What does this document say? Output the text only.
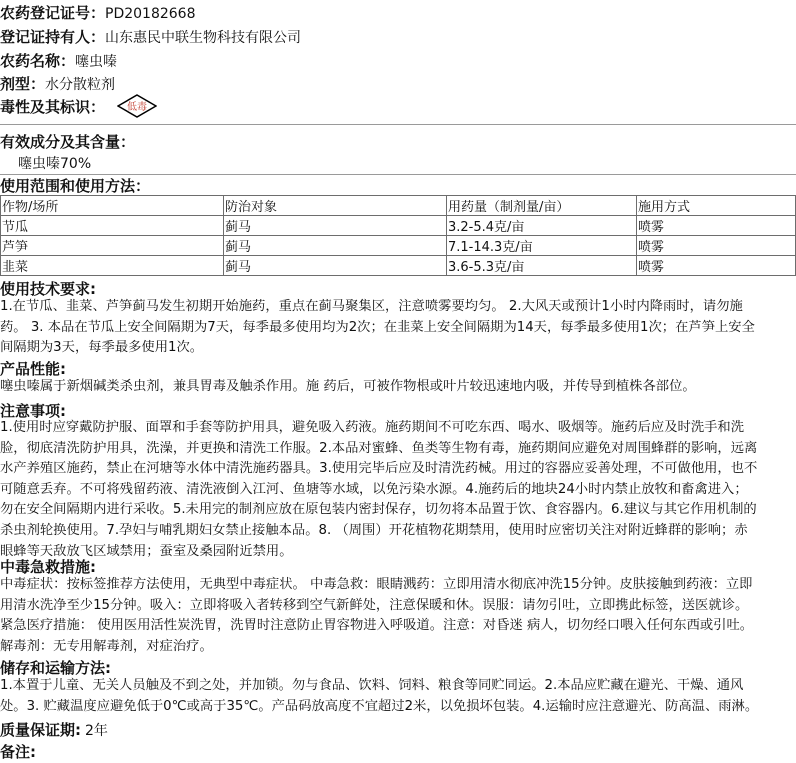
农药登记证号：PD20182668
登记证持有人：山东惠民中联生物科技有限公司
农药名称：噻虫嗪
剂型：水分散粒剂
毒性及其标识： 低毒
有效成分及其含量：
噻虫嗪70%
使用范围和使用方法：
作物/场所	防治对象	用药量（制剂量/亩）	施用方式
节瓜	蓟马	3.2-5.4克/亩	喷雾
芦笋	蓟马	7.1-14.3克/亩	喷雾
韭菜	蓟马	3.6-5.3克/亩	喷雾
使用技术要求:
1.在节瓜、韭菜、芦笋蓟马发生初期开始施药，重点在蓟马聚集区，注意喷雾要均匀。 2.大风天或预计1小时内降雨时，请勿施
药。 3. 本品在节瓜上安全间隔期为7天，每季最多使用均为2次；在韭菜上安全间隔期为14天，每季最多使用1次；在芦笋上安全
间隔期为3天，每季最多使用1次。
产品性能:
噻虫嗪属于新烟碱类杀虫剂，兼具胃毒及触杀作用。施 药后，可被作物根或叶片较迅速地内吸，并传导到植株各部位。
注意事项:
1.使用时应穿戴防护服、面罩和手套等防护用具，避免吸入药液。施药期间不可吃东西、喝水、吸烟等。施药后应及时洗手和洗
脸，彻底清洗防护用具，洗澡，并更换和清洗工作服。2.本品对蜜蜂、鱼类等生物有毒，施药期间应避免对周围蜂群的影响，远离
水产养殖区施药，禁止在河塘等水体中清洗施药器具。3.使用完毕后应及时清洗药械。用过的容器应妥善处理，不可做他用，也不
可随意丢弃。不可将残留药液、清洗液倒入江河、鱼塘等水域，以免污染水源。4.施药后的地块24小时内禁止放牧和畜禽进入；
勿在安全间隔期内进行采收。5.未用完的制剂应放在原包装内密封保存，切勿将本品置于饮、食容器内。6.建议与其它作用机制的
杀虫剂轮换使用。7.孕妇与哺乳期妇女禁止接触本品。8. （周围）开花植物花期禁用，使用时应密切关注对附近蜂群的影响；赤
眼蜂等天敌放飞区域禁用；蚕室及桑园附近禁用。
中毒急救措施:
中毒症状：按标签推荐方法使用，无典型中毒症状。 中毒急救：眼睛溅药：立即用清水彻底冲洗15分钟。皮肤接触到药液：立即
用清水洗净至少15分钟。吸入：立即将吸入者转移到空气新鲜处，注意保暖和休。误服：请勿引吐，立即携此标签，送医就诊。
紧急医疗措施： 使用医用活性炭洗胃，洗胃时注意防止胃容物进入呼吸道。注意：对昏迷 病人，切勿经口喂入任何东西或引吐。
解毒剂：无专用解毒剂，对症治疗。
储存和运输方法:
1.本置于儿童、无关人员触及不到之处，并加锁。勿与食品、饮料、饲料、粮食等同贮同运。2.本品应贮藏在避光、干燥、通风
处。3. 贮藏温度应避免低于0℃或高于35℃。产品码放高度不宜超过2米，以免损坏包装。4.运输时应注意避光、防高温、雨淋。
质量保证期: 2年
备注:
